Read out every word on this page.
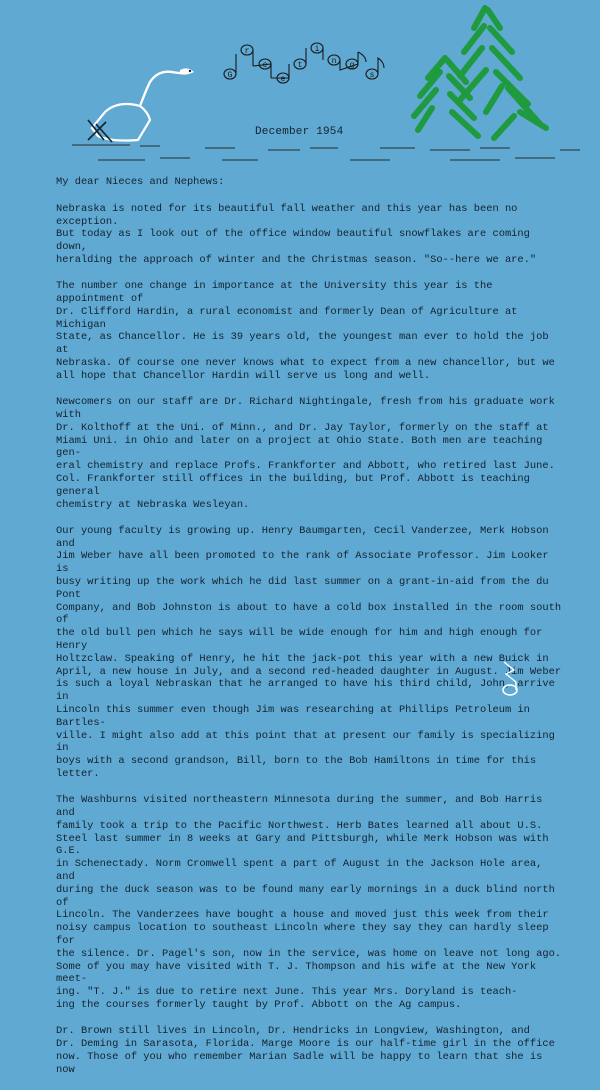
G
r
e
e
t
i
n g
s
December 1954

My dear Nieces and Nephews:

Nebraska is noted for its beautiful fall weather and this year has been no exception.
But today as I look out of the office window beautiful snowflakes are coming down,
heralding the approach of winter and the Christmas season. "So--here we are."

The number one change in importance at the University this year is the appointment of
Dr. Clifford Hardin, a rural economist and formerly Dean of Agriculture at Michigan
State, as Chancellor. He is 39 years old, the youngest man ever to hold the job at
Nebraska. Of course one never knows what to expect from a new chancellor, but we
all hope that Chancellor Hardin will serve us long and well.

Newcomers on our staff are Dr. Richard Nightingale, fresh from his graduate work with
Dr. Kolthoff at the Uni. of Minn., and Dr. Jay Taylor, formerly on the staff at
Miami Uni. in Ohio and later on a project at Ohio State. Both men are teaching gen-
eral chemistry and replace Profs. Frankforter and Abbott, who retired last June.
Col. Frankforter still offices in the building, but Prof. Abbott is teaching general
chemistry at Nebraska Wesleyan.

Our young faculty is growing up. Henry Baumgarten, Cecil Vanderzee, Merk Hobson and
Jim Weber have all been promoted to the rank of Associate Professor. Jim Looker is
busy writing up the work which he did last summer on a grant-in-aid from the du Pont
Company, and Bob Johnston is about to have a cold box installed in the room south of
the old bull pen which he says will be wide enough for him and high enough for Henry
Holtzclaw. Speaking of Henry, he hit the jack-pot this year with a new Buick in
April, a new house in July, and a second red-headed daughter in August. Jim Weber
is such a loyal Nebraskan that he arranged to have his third child, John, arrive in
Lincoln this summer even though Jim was researching at Phillips Petroleum in Bartles-
ville. I might also add at this point that at present our family is specializing in
boys with a second grandson, Bill, born to the Bob Hamiltons in time for this letter.

The Washburns visited northeastern Minnesota during the summer, and Bob Harris and
family took a trip to the Pacific Northwest. Herb Bates learned all about U.S.
Steel last summer in 8 weeks at Gary and Pittsburgh, while Merk Hobson was with G.E.
in Schenectady. Norm Cromwell spent a part of August in the Jackson Hole area, and
during the duck season was to be found many early mornings in a duck blind north of
Lincoln. The Vanderzees have bought a house and moved just this week from their
noisy campus location to southeast Lincoln where they say they can hardly sleep for
the silence. Dr. Pagel's son, now in the service, was home on leave not long ago.
Some of you may have visited with T. J. Thompson and his wife at the New York meet-
ing. "T. J." is due to retire next June. This year Mrs. Doryland is teach-
ing the courses formerly taught by Prof. Abbott on the Ag campus.

Dr. Brown still lives in Lincoln, Dr. Hendricks in Longview, Washington, and
Dr. Deming in Sarasota, Florida. Marge Moore is our half-time girl in the office
now. Those of you who remember Marian Sadle will be happy to learn that she is now
